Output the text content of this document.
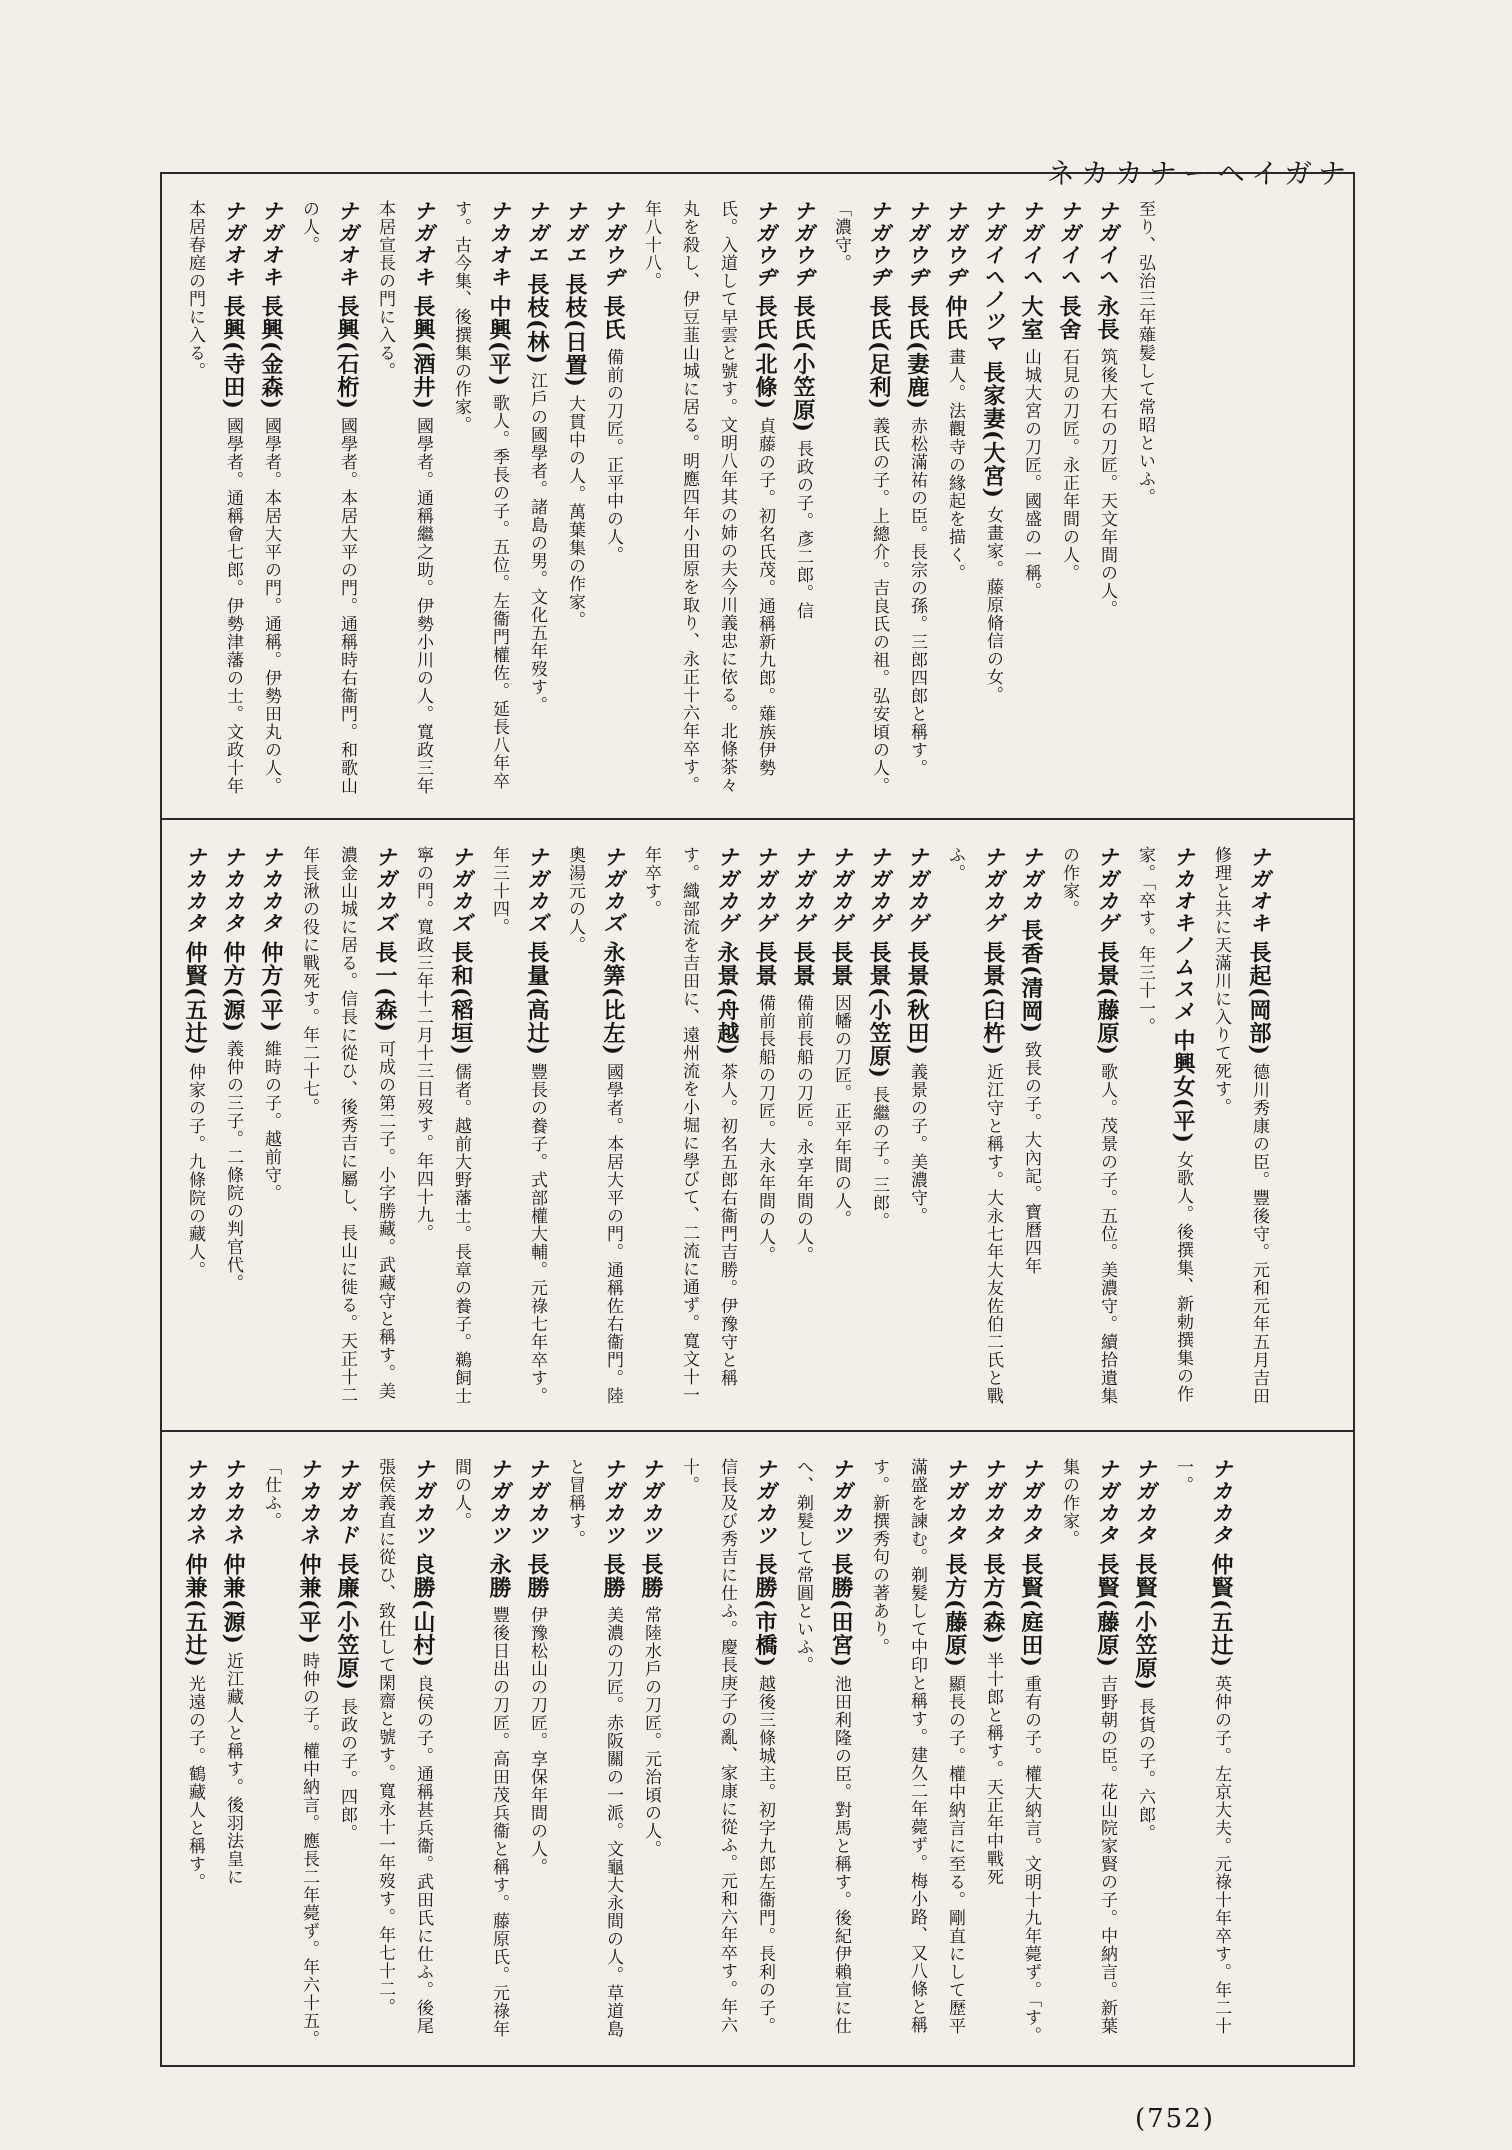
ネカカナーヘイガナ

至り、弘治三年薙髪して常昭といふ。

ナガイヘ 永長 筑後大石の刀匠。天文年間の人。

ナガイヘ 長舍 石見の刀匠。永正年間の人。

ナガイヘ 大室 山城大宮の刀匠。國盛の一稱。

ナガイヘノツマ 長家妻(大宮) 女畫家。藤原脩信の女。

ナガウヂ 仲氏 畫人。法觀寺の緣起を描く。

ナガウヂ 長氏(妻鹿) 赤松滿祐の臣。長宗の孫。三郎四郎と稱す。

ナガウヂ 長氏(足利) 義氏の子。上總介。吉良氏の祖。弘安頃の人。「濃守。

ナガウヂ 長氏(小笠原) 長政の子。彥二郎。信

ナガウヂ 長氏(北條) 貞藤の子。初名氏茂。通稱新九郎。薙族伊勢氏。入道して早雲と號す。文明八年其の姉の夫今川義忠に依る。北條茶々丸を殺し、伊豆韮山城に居る。明應四年小田原を取り、永正十六年卒す。年八十八。

ナガウヂ 長氏 備前の刀匠。正平中の人。

ナガエ 長枝(日置) 大貫中の人。萬葉集の作家。

ナガエ 長枝(林) 江戶の國學者。諸島の男。文化五年歿す。

ナカオキ 中興(平) 歌人。季長の子。五位。左衞門權佐。延長八年卒す。古今集、後撰集の作家。

ナガオキ 長興(酒井) 國學者。通稱繼之助。伊勢小川の人。寬政三年本居宣長の門に入る。

ナガオキ 長興(石桁) 國學者。本居大平の門。通稱時右衞門。和歌山の人。

ナガオキ 長興(金森) 國學者。本居大平の門。通稱。伊勢田丸の人。

ナガオキ 長興(寺田) 國學者。通稱會七郎。伊勢津藩の士。文政十年本居春庭の門に入る。

ナガオキ 長起(岡部) 德川秀康の臣。豐後守。元和元年五月吉田修理と共に天滿川に入りて死す。

ナカオキノムスメ 中興女(平) 女歌人。後撰集、新勅撰集の作家。「卒す。年三十一。

ナガカゲ 長景(藤原) 歌人。茂景の子。五位。美濃守。續拾遺集の作家。

ナガカ 長香(清岡) 致長の子。大內記。寶曆四年

ナガカゲ 長景(臼杵) 近江守と稱す。大永七年大友佐伯二氏と戰ふ。

ナガカゲ 長景(秋田) 義景の子。美濃守。

ナガカゲ 長景(小笠原) 長繼の子。三郎。

ナガカゲ 長景 因幡の刀匠。正平年間の人。

ナガカゲ 長景 備前長船の刀匠。永享年間の人。

ナガカゲ 長景 備前長船の刀匠。大永年間の人。

ナガカゲ 永景(舟越) 茶人。初名五郎右衞門吉勝。伊豫守と稱す。織部流を吉田に、遠州流を小堀に學びて、二流に通ず。寬文十一年卒す。

ナガカズ 永筭(比左) 國學者。本居大平の門。通稱佐右衞門。陸奧湯元の人。

ナガカズ 長量(高辻) 豐長の養子。式部權大輔。元祿七年卒す。年三十四。

ナガカズ 長和(稻垣) 儒者。越前大野藩士。長章の養子。鵜飼士寧の門。寬政三年十二月十三日歿す。年四十九。

ナガカズ 長一(森) 可成の第二子。小字勝藏。武藏守と稱す。美濃金山城に居る。信長に從ひ、後秀吉に屬し、長山に徙る。天正十二年長湫の役に戰死す。年二十七。

ナカカタ 仲方(平) 維時の子。越前守。

ナカカタ 仲方(源) 義仲の三子。二條院の判官代。

ナカカタ 仲賢(五辻) 仲家の子。九條院の藏人。

ナカカタ 仲賢(五辻) 英仲の子。左京大夫。元祿十年卒す。年二十一。

ナガカタ 長賢(小笠原) 長貨の子。六郎。

ナガカタ 長賢(藤原) 吉野朝の臣。花山院家賢の子。中納言。新葉集の作家。

ナガカタ 長賢(庭田) 重有の子。權大納言。文明十九年薨ず。「す。

ナガカタ 長方(森) 半十郎と稱す。天正年中戰死

ナガカタ 長方(藤原) 顯長の子。權中納言に至る。剛直にして歷平滿盛を諫む。剃髮して中印と稱す。建久二年薨ず。梅小路、又八條と稱す。新撰秀句の著あり。

ナガカツ 長勝(田宮) 池田利隆の臣。對馬と稱す。後紀伊賴宣に仕へ、剃髮して常圓といふ。

ナガカツ 長勝(市橋) 越後三條城主。初字九郎左衞門。長利の子。信長及び秀吉に仕ふ。慶長庚子の亂、家康に從ふ。元和六年卒す。年六十。

ナガカツ 長勝 常陸水戶の刀匠。元治頃の人。

ナガカツ 長勝 美濃の刀匠。赤阪關の一派。文龜大永間の人。草道島と冒稱す。

ナガカツ 長勝 伊豫松山の刀匠。享保年間の人。

ナガカツ 永勝 豐後日出の刀匠。高田茂兵衞と稱す。藤原氏。元祿年間の人。

ナガカツ 良勝(山村) 良侯の子。通稱甚兵衞。武田氏に仕ふ。後尾張侯義直に從ひ、致仕して閑齋と號す。寬永十一年歿す。年七十二。

ナガカド 長廉(小笠原) 長政の子。四郎。

ナカカネ 仲兼(平) 時仲の子。權中納言。應長二年薨ず。年六十五。「仕ふ。

ナカカネ 仲兼(源) 近江藏人と稱す。後羽法皇に

ナカカネ 仲兼(五辻) 光遠の子。鶴藏人と稱す。

(752)
